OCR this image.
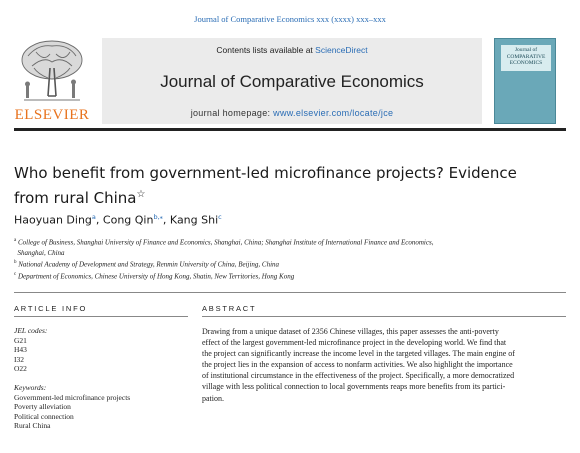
Journal of Comparative Economics xxx (xxxx) xxx–xxx
ELSEVIER
Contents lists available at ScienceDirect
Journal of Comparative Economics
journal homepage: www.elsevier.com/locate/jce
Journal of
COMPARATIVE
ECONOMICS
Who benefit from government-led microfinance projects? Evidence
from rural China☆
Haoyuan Ding$^a$, Cong Qin$^{b,⁎}$, Kang Shi$^c$
$^a$ College of Business, Shanghai University of Finance and Economics, Shanghai, China; Shanghai Institute of International Finance and Economics,
Shanghai, China
$^b$ National Academy of Development and Strategy, Renmin University of China, Beijing, China
$^c$ Department of Economics, Chinese University of Hong Kong, Shatin, New Territories, Hong Kong
ARTICLE INFO	ABSTRACT
JEL codes:
G21
H43
I32
O22
Keywords:
Government-led microfinance projects
Poverty alleviation
Political connection
Rural China
Drawing from a unique dataset of 2356 Chinese villages, this paper assesses the anti-poverty
effect of the largest government-led microfinance project in the developing world. We find that
the project can significantly increase the income level in the targeted villages. The main engine of
the project lies in the expansion of access to nonfarm activities. We also highlight the importance
of institutional circumstance in the effectiveness of the project. Specifically, a more democratized
village with less political connection to local governments reaps more benefits from its partici-
pation.
